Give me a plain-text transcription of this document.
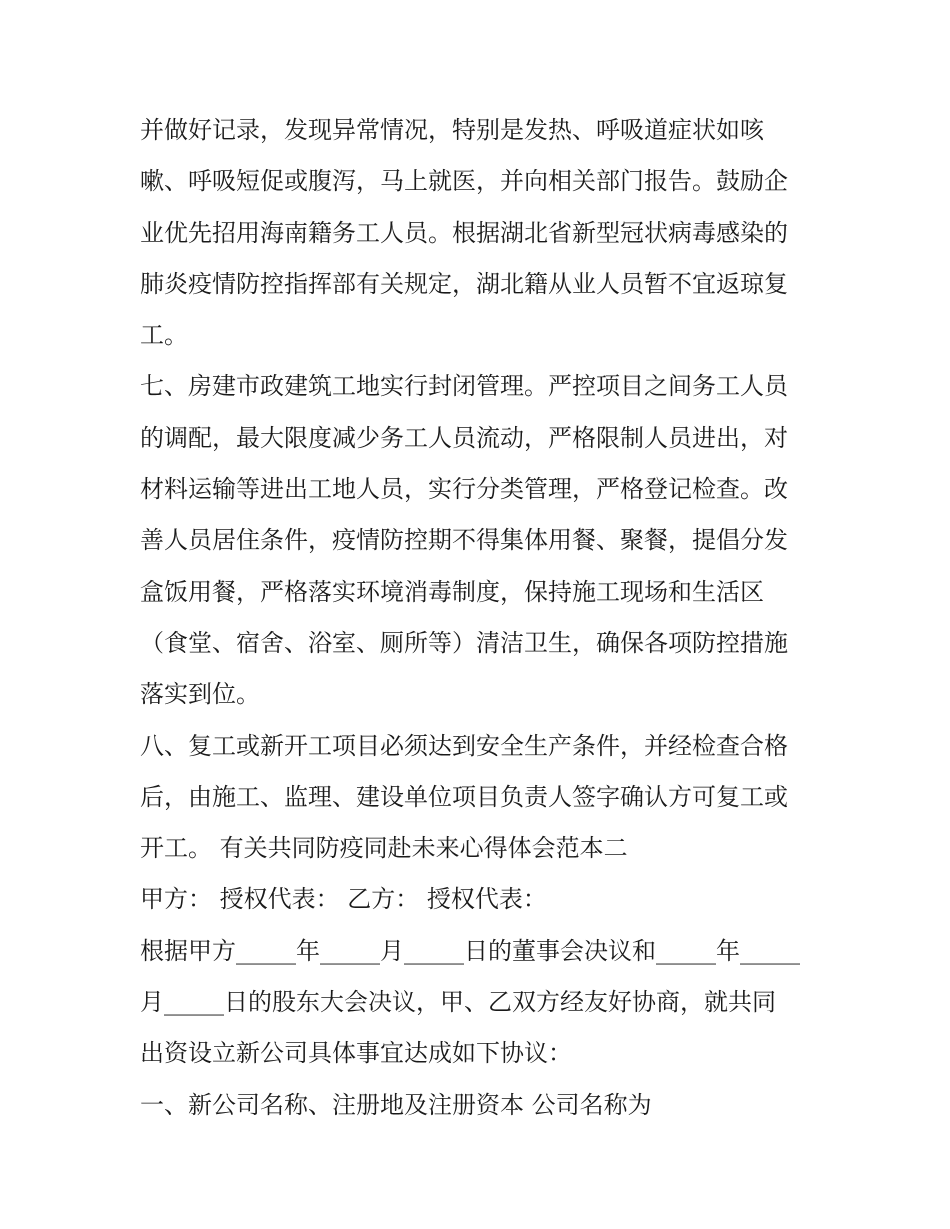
并做好记录，发现异常情况，特别是发热、呼吸道症状如咳
嗽、呼吸短促或腹泻，马上就医，并向相关部门报告。鼓励企
业优先招用海南籍务工人员。根据湖北省新型冠状病毒感染的
肺炎疫情防控指挥部有关规定，湖北籍从业人员暂不宜返琼复
工。
七、房建市政建筑工地实行封闭管理。严控项目之间务工人员
的调配，最大限度减少务工人员流动，严格限制人员进出，对
材料运输等进出工地人员，实行分类管理，严格登记检查。改
善人员居住条件，疫情防控期不得集体用餐、聚餐，提倡分发
盒饭用餐，严格落实环境消毒制度，保持施工现场和生活区
（食堂、宿舍、浴室、厕所等）清洁卫生，确保各项防控措施
落实到位。
八、复工或新开工项目必须达到安全生产条件，并经检查合格
后，由施工、监理、建设单位项目负责人签字确认方可复工或
开工。 有关共同防疫同赴未来心得体会范本二
甲方： 授权代表： 乙方： 授权代表：
根据甲方_____年_____月_____日的董事会决议和_____年_____
月_____日的股东大会决议，甲、乙双方经友好协商，就共同
出资设立新公司具体事宜达成如下协议：
一、新公司名称、注册地及注册资本 公司名称为
